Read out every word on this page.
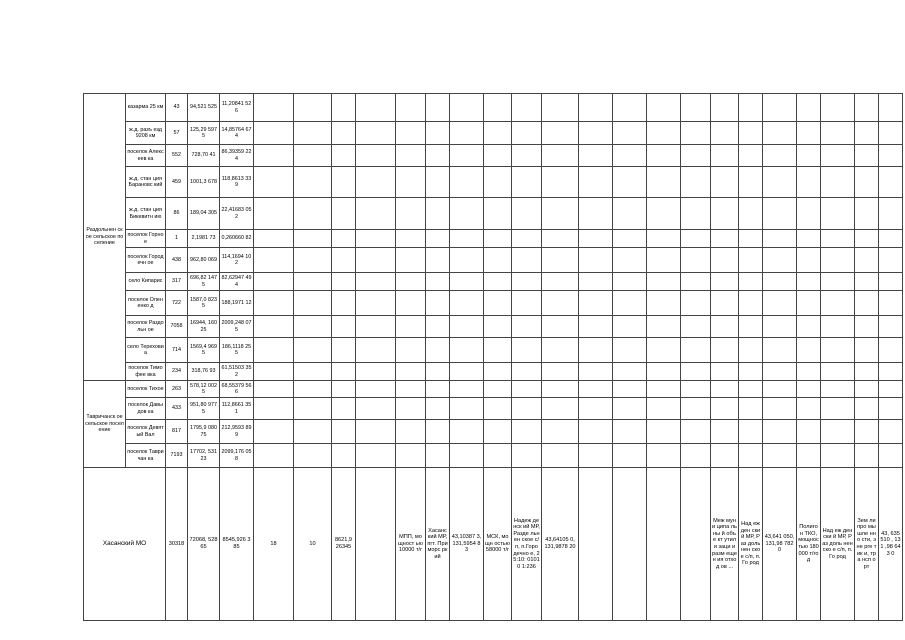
Раздольнен ское сельское поселение	казарма 25 км	43	94,521 525	11,20841 526																					
	ж.д. разъ езд 9208 км	57	125,29 5975	14,85764 674																					
	поселок Алексеев ка	552	728,70 41	86,39359 224																					
	ж.д. стан ция Барановс кий	459	1001,3 678	118,8613 339																					
	ж.д. стан ция Бикевитн ию	86	189,04 305	22,41683 052																					
	поселок Горное	1	2,1981 73	0,260660 82																					
	поселок Городечн ое	438	962,80 069	114,1694 102																					
	село Кипарис	317	696,82 1475	82,62947 494																					
	поселок Олененко д	722	1587,0 8235	188,1971 12																					
	поселок Раздольн ое	7058	16944, 16025	2009,248 075																					
	село Терехови а	714	1569,4 9695	186,1118 255																					
	поселок Тимофее вка	234	318,76 93	61,51503 352																					
Тавричанск ое сельское поселение	поселок Тихое	263	578,12 0025	68,55379 566																					
	поселок Давыдов ка	433	951,80 9775	112,8661 351																					
	поселок Девятый Вал	817	1795,9 08075	212,9593 899																					
	поселок Тавричан ка	7193	17702, 53123	2099,176 058																					
Хасанский МО		30318	72068, 52865	8545,926 385	18	10	8621,9 26345		МПП, мощност ью 10000 т/г	Хасанс кий МР, пгт. Приморс ркий	43,10387 3, 131,5954 83	МСК, мощн остью 58000 т/г	Надеж денск ий МР, Разде льнен ское с/п, п.Горо дечно е, 25:10: 01010 1:236	43,64105 0, 131,9878 20					Меж муни ципа льны й объе кт утили заци и разм ещен ия отход ов ...	Над еж ден ски й МР, Раз доль нен ско е с/п, п.Го род	43,641 050, 131,98 7820	Полигон ТКО, мощностью 180000 т/год	Над еж ден ски й МР, Раз доль нен ско е с/п, п.Го род	Зем ли про мы шле нно сти, эне рге тик и, тра нсп орт	43, 635 510 , 131 ,98 643 0
